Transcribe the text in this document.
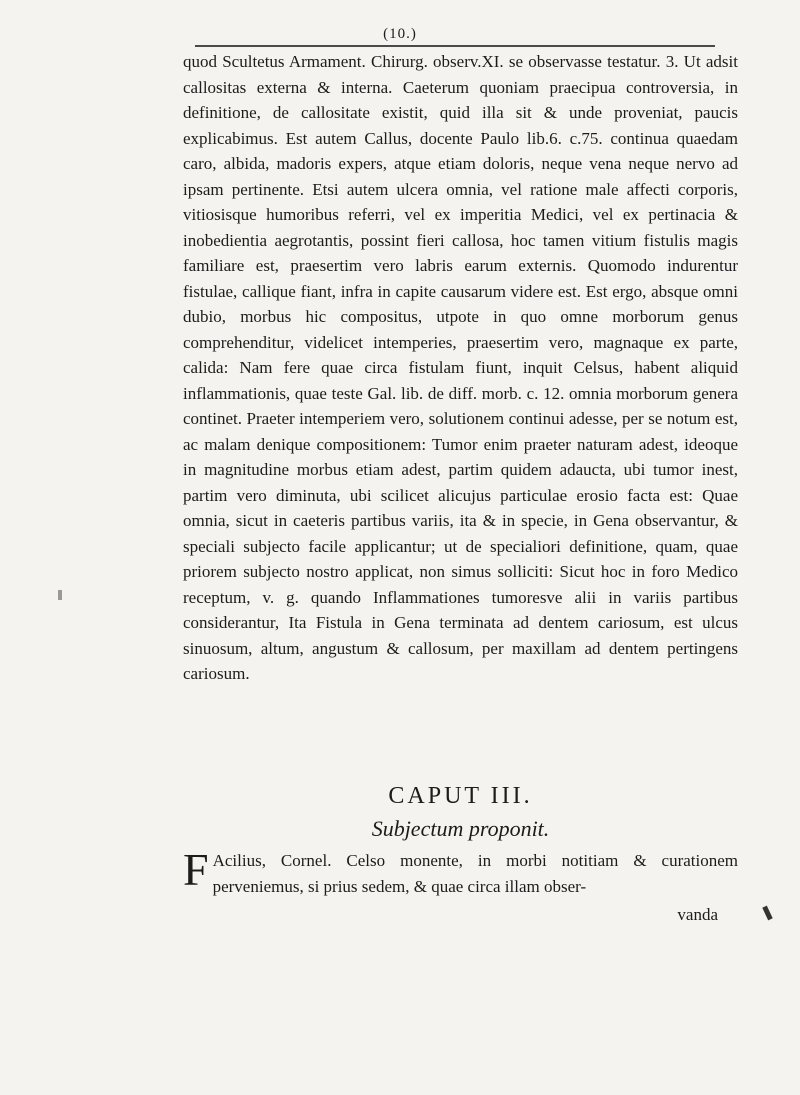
(10.)

quod Scultetus Armament. Chirurg. observ.XI. se observasse testatur. 3. Ut adsit callositas externa & interna. Caeterum quoniam praecipua controversia, in definitione, de callositate existit, quid illa sit & unde proveniat, paucis explicabimus. Est autem Callus, docente Paulo lib.6. c.75. continua quaedam caro, albida, madoris expers, atque etiam doloris, neque vena neque nervo ad ipsam pertinente. Etsi autem ulcera omnia, vel ratione male affecti corporis, vitiosisque humoribus referri, vel ex imperitia Medici, vel ex pertinacia & inobedientia aegrotantis, possint fieri callosa, hoc tamen vitium fistulis magis familiare est, praesertim vero labris earum externis. Quomodo indurentur fistulae, callique fiant, infra in capite causarum videre est. Est ergo, absque omni dubio, morbus hic compositus, utpote in quo omne morborum genus comprehenditur, videlicet intemperies, praesertim vero, magnaque ex parte, calida: Nam fere quae circa fistulam fiunt, inquit Celsus, habent aliquid inflammationis, quae teste Gal. lib. de diff. morb. c. 12. omnia morborum genera continet. Praeter intemperiem vero, solutionem continui adesse, per se notum est, ac malam denique compositionem: Tumor enim praeter naturam adest, ideoque in magnitudine morbus etiam adest, partim quidem adaucta, ubi tumor inest, partim vero diminuta, ubi scilicet alicujus particulae erosio facta est: Quae omnia, sicut in caeteris partibus variis, ita & in specie, in Gena observantur, & speciali subjecto facile applicantur; ut de specialiori definitione, quam, quae priorem subjecto nostro applicat, non simus solliciti: Sicut hoc in foro Medico receptum, v. g. quando Inflammationes tumoresve alii in variis partibus considerantur, Ita Fistula in Gena terminata ad dentem cariosum, est ulcus sinuosum, altum, angustum & callosum, per maxillam ad dentem pertingens cariosum.

CAPUT III.
Subjectum proponit.
F Acilius, Cornel. Celso monente, in morbi notitiam & curationem perveniemus, si prius sedem, & quae circa illam obser-
vanda
